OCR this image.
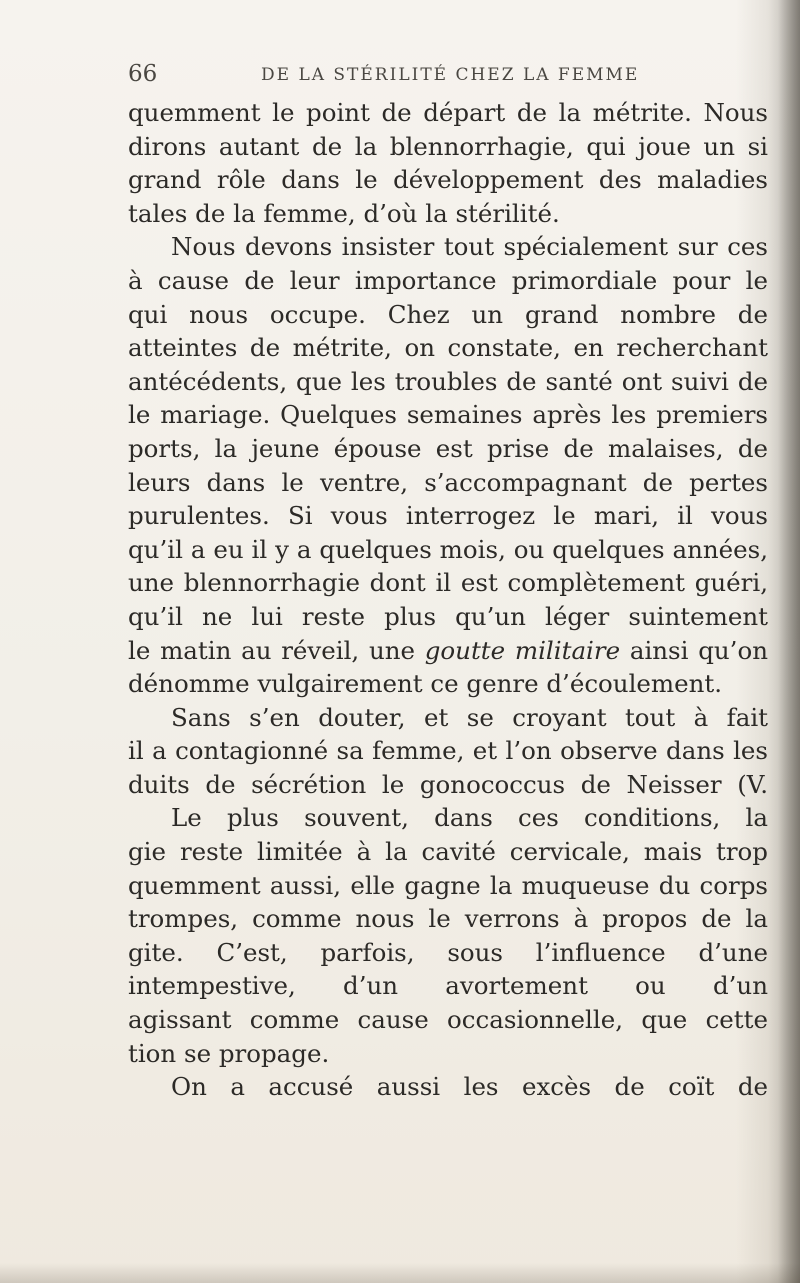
66	DE LA STÉRILITÉ CHEZ LA FEMME
quemment le point de départ de la métrite. Nous
dirons autant de la blennorrhagie, qui joue un si
grand rôle dans le développement des maladies
tales de la femme, d’où la stérilité.
Nous devons insister tout spécialement sur ces
à cause de leur importance primordiale pour le
qui nous occupe. Chez un grand nombre de
atteintes de métrite, on constate, en recherchant
antécédents, que les troubles de santé ont suivi de
le mariage. Quelques semaines après les premiers
ports, la jeune épouse est prise de malaises, de
leurs dans le ventre, s’accompagnant de pertes
purulentes. Si vous interrogez le mari, il vous
qu’il a eu il y a quelques mois, ou quelques années,
une blennorrhagie dont il est complètement guéri,
qu’il ne lui reste plus qu’un léger suintement
le matin au réveil, une goutte militaire ainsi qu’on
dénomme vulgairement ce genre d’écoulement.
Sans s’en douter, et se croyant tout à fait
il a contagionné sa femme, et l’on observe dans les
duits de sécrétion le gonococcus de Neisser (V.
Le plus souvent, dans ces conditions, la
gie reste limitée à la cavité cervicale, mais trop
quemment aussi, elle gagne la muqueuse du corps
trompes, comme nous le verrons à propos de la
gite. C’est, parfois, sous l’influence d’une
intempestive, d’un avortement ou d’un
agissant comme cause occasionnelle, que cette
tion se propage.
On a accusé aussi les excès de coït de
